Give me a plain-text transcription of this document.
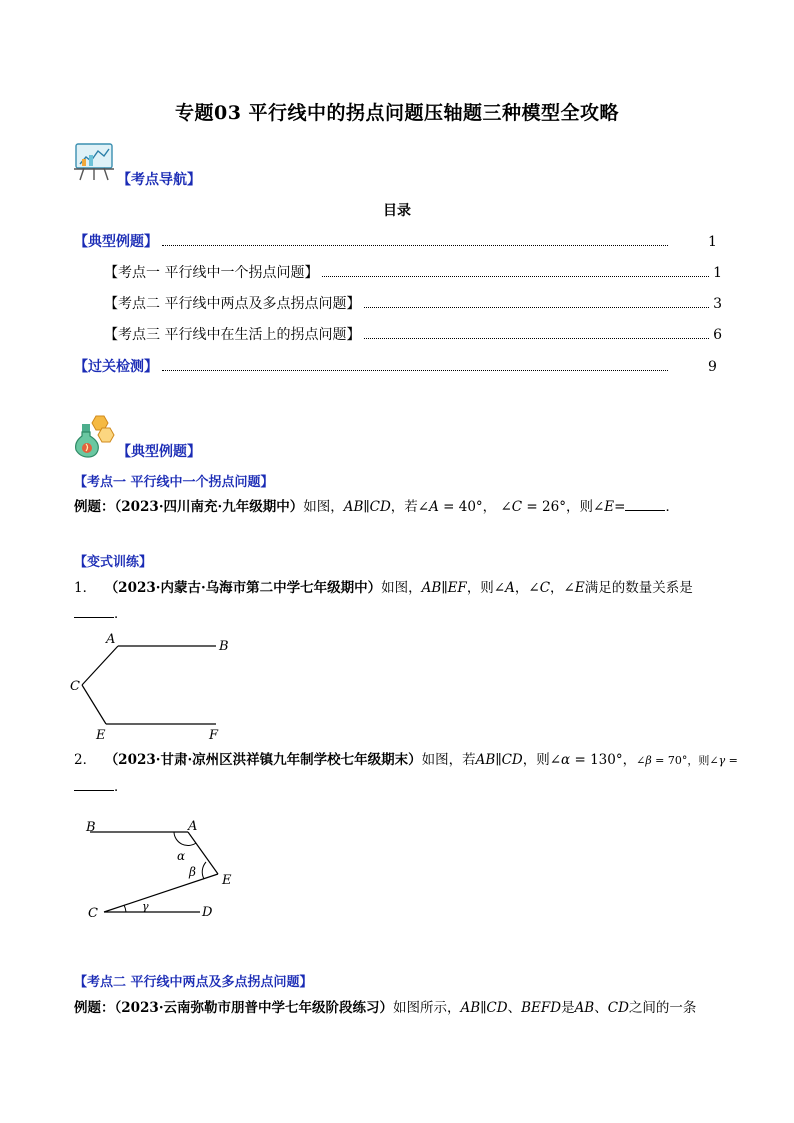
专题03 平行线中的拐点问题压轴题三种模型全攻略
【考点导航】
目录
【典型例题】	1
【考点一 平行线中一个拐点问题】	1
【考点二 平行线中两点及多点拐点问题】	3
【考点三 平行线中在生活上的拐点问题】	6
【过关检测】	9
【典型例题】
【考点一 平行线中一个拐点问题】
例题：（2023·四川南充·九年级期中）如图，AB∥CD，若∠A = 40°， ∠C = 26°，则∠E=	．
【变式训练】
1． （2023·内蒙古·乌海市第二中学七年级期中）如图，AB∥EF，则∠A，∠C，∠E满足的数量关系是
．
A	B
C
E	F
2． （2023·甘肃·凉州区洪祥镇九年制学校七年级期末）如图，若AB∥CD，则∠α = 130°，∠β = 70°，则∠γ =
．
A
B
C	D
E
α
β
γ
【考点二 平行线中两点及多点拐点问题】
例题：（2023·云南弥勒市朋普中学七年级阶段练习）如图所示，AB∥CD、BEFD是AB、CD之间的一条
